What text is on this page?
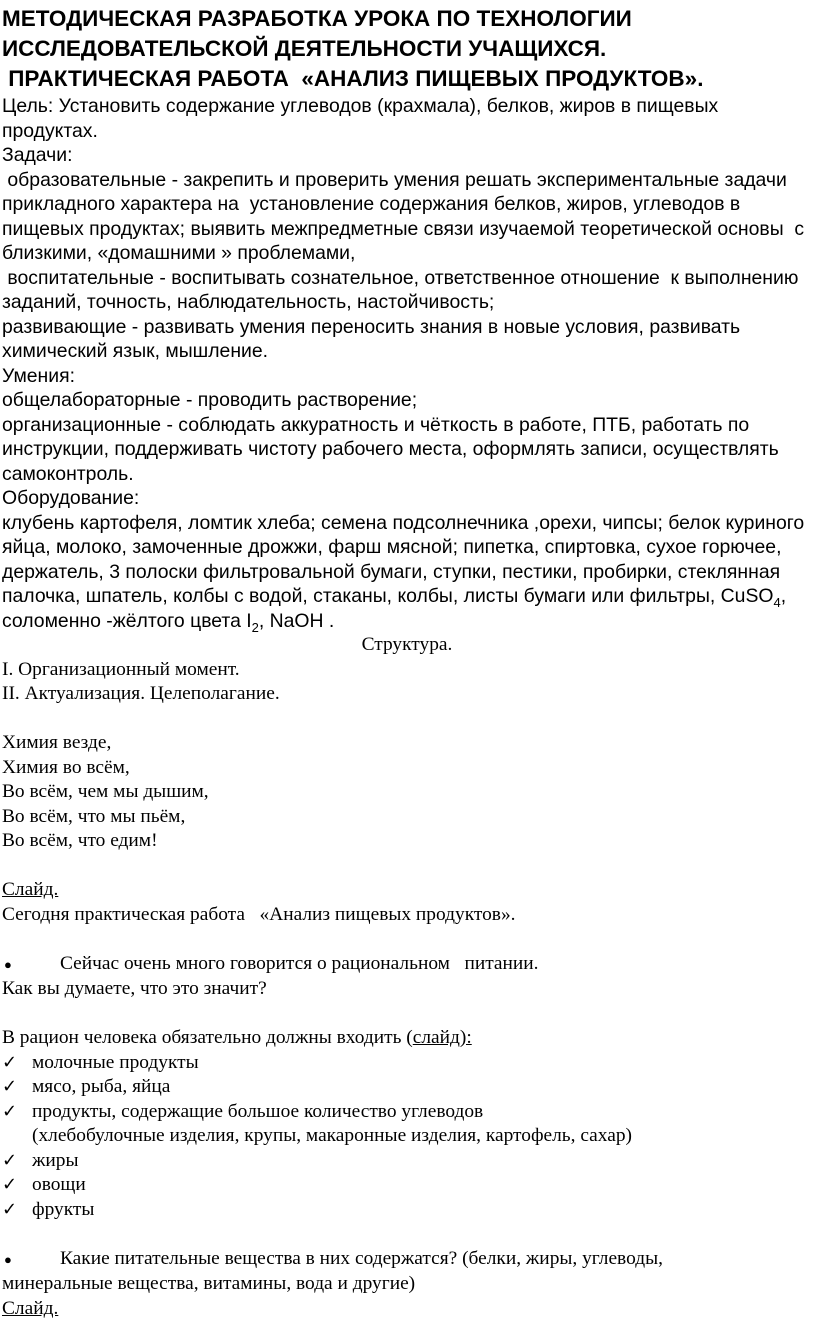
МЕТОДИЧЕСКАЯ РАЗРАБОТКА УРОКА ПО ТЕХНОЛОГИИ
ИССЛЕДОВАТЕЛЬСКОЙ ДЕЯТЕЛЬНОСТИ УЧАЩИХСЯ.
ПРАКТИЧЕСКАЯ РАБОТА  «АНАЛИЗ ПИЩЕВЫХ ПРОДУКТОВ».

Цель: Установить содержание углеводов (крахмала), белков, жиров в пищевых продуктах.

Задачи:

образовательные - закрепить и проверить умения решать экспериментальные задачи прикладного характера на  установление содержания белков, жиров, углеводов в пищевых продуктах; выявить межпредметные связи изучаемой теоретической основы  с близкими, «домашними » проблемами,

воспитательные - воспитывать сознательное, ответственное отношение  к выполнению заданий, точность, наблюдательность, настойчивость;

развивающие - развивать умения переносить знания в новые условия, развивать химический язык, мышление.

Умения:

общелабораторные - проводить растворение;

организационные - соблюдать аккуратность и чёткость в работе, ПТБ, работать по инструкции, поддерживать чистоту рабочего места, оформлять записи, осуществлять самоконтроль.

Оборудование:

клубень картофеля, ломтик хлеба; семена подсолнечника ,орехи, чипсы; белок куриного яйца, молоко, замоченные дрожжи, фарш мясной; пипетка, спиртовка, сухое горючее, держатель, 3 полоски фильтровальной бумаги, ступки, пестики, пробирки, стеклянная палочка, шпатель, колбы с водой, стаканы, колбы, листы бумаги или фильтры, CuSO$_4$, соломенно -жёлтого цвета $I_2$, NaOH .

Структура.

I. Организационный момент.

II. Актуализация. Целеполагание.

Химия везде,

Химия во всём,

Во всём, чем мы дышим,

Во всём, что мы пьём,

Во всём, что едим!

Слайд.

Сегодня практическая работа   «Анализ пищевых продуктов».

●	Сейчас очень много говорится о рациональном   питании.

Как вы думаете, что это значит?

В рацион человека обязательно должны входить (слайд):

✓ молочные продукты
✓ мясо, рыба, яйца
✓ продукты, содержащие большое количество углеводов
(хлебобулочные изделия, крупы, макаронные изделия, картофель, сахар)
✓ жиры
✓ овощи
✓ фрукты
●	Какие питательные вещества в них содержатся? (белки, жиры, углеводы,

минеральные вещества, витамины, вода и другие)

Слайд.
